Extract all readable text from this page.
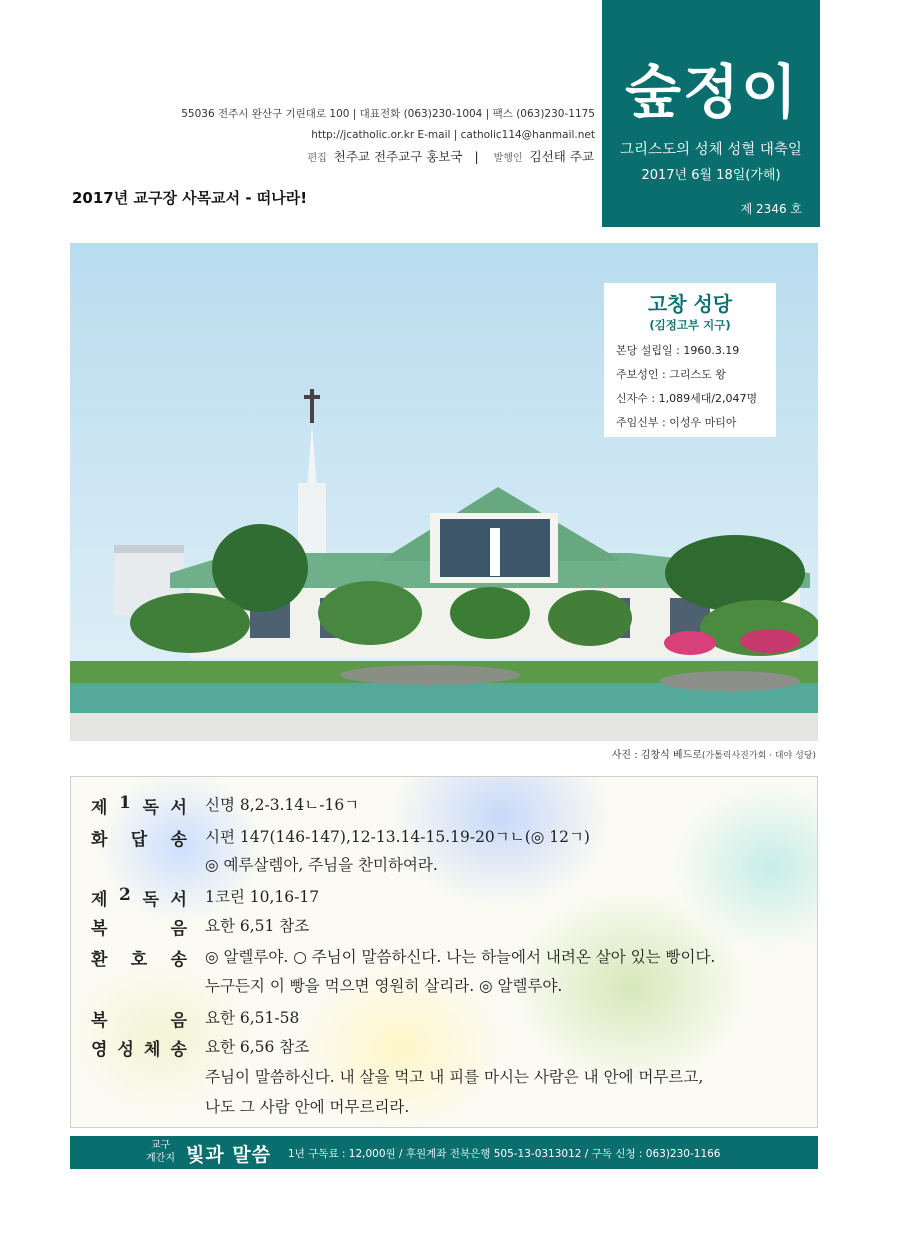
55036 전주시 완산구 기린대로 100 | 대표전화 (063)230-1004 | 팩스 (063)230-1175
http://jcatholic.or.kr E-mail | catholic114@hanmail.net
편집 천주교 전주교구 홍보국 | 발행인 김선태 주교
2017년 교구장 사목교서 - 떠나라!
숲정이
그리스도의 성체 성혈 대축일
2017년 6월 18일(가해)
제 2346 호
고창 성당
(김정고부 지구)
본당 설립일 : 1960.3.19
주보성인 : 그리스도 왕
신자수 : 1,089세대/2,047명
주임신부 : 이성우 마티아
사진 : 김창식 베드로(가톨릭사진가회 · 대야 성당)
제 1 독 서 신명 8,2-3.14ㄴ-16ㄱ
화 답 송 시편 147(146-147),12-13.14-15.19-20ㄱㄴ(◎ 12ㄱ)
◎ 예루살렘아, 주님을 찬미하여라.
제 2 독 서 1코린 10,16-17
복	음 요한 6,51 참조
환 호 송 ◎ 알렐루야. ○ 주님이 말씀하신다. 나는 하늘에서 내려온 살아 있는 빵이다.
누구든지 이 빵을 먹으면 영원히 살리라. ◎ 알렐루야.
복	음 요한 6,51-58
영 성 체 송 요한 6,56 참조
주님이 말씀하신다. 내 살을 먹고 내 피를 마시는 사람은 내 안에 머무르고,
나도 그 사람 안에 머무르리라.
교구
계간지 빛과 말씀 1년 구독료 : 12,000원 / 후원계좌 전북은행 505-13-0313012 / 구독 신청 : 063)230-1166
